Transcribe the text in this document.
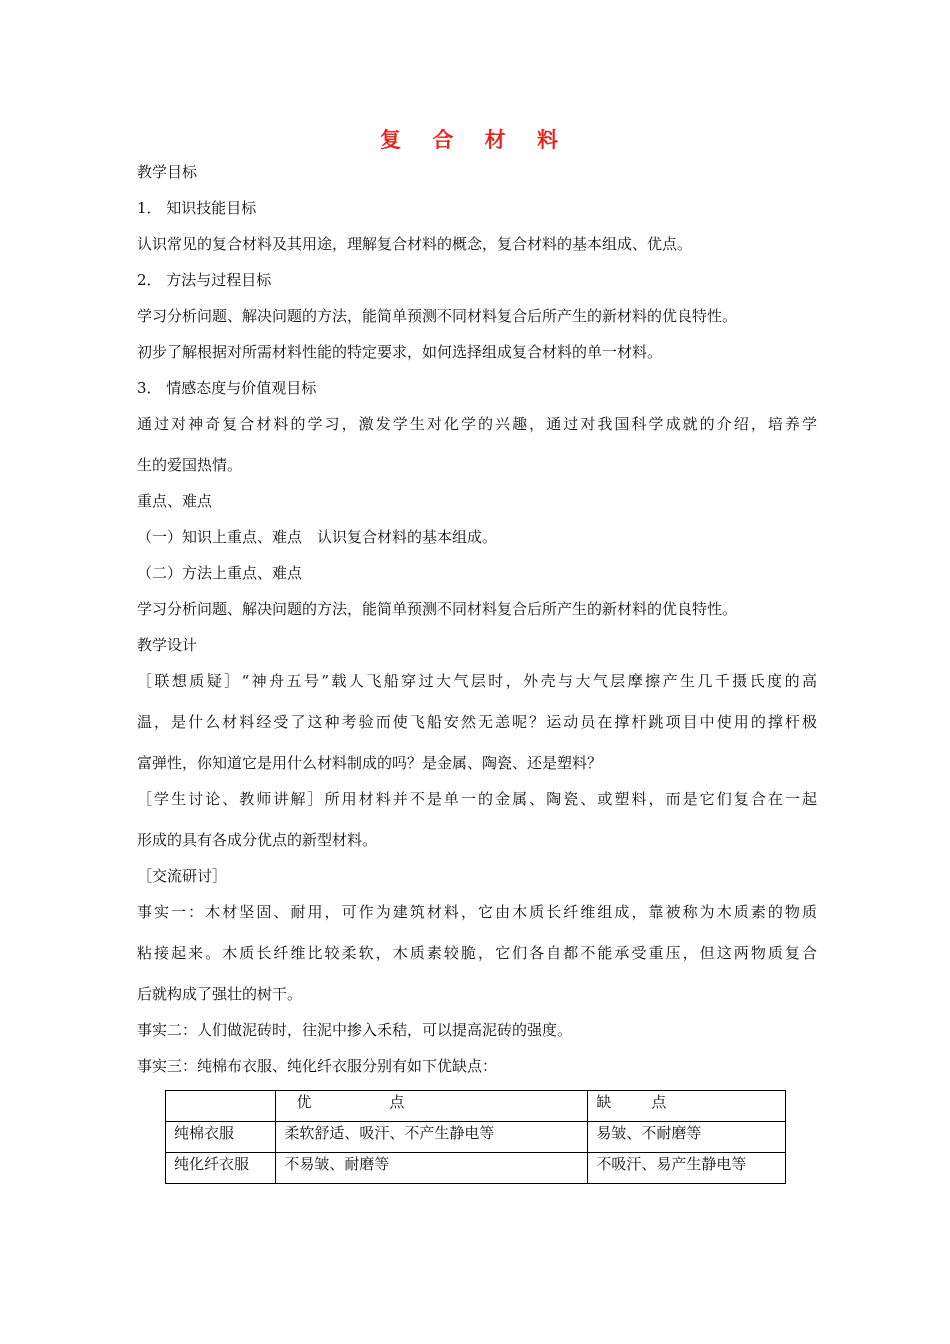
复 合 材 料
教学目标
1． 知识技能目标
认识常见的复合材料及其用途，理解复合材料的概念，复合材料的基本组成、优点。
2． 方法与过程目标
学习分析问题、解决问题的方法，能简单预测不同材料复合后所产生的新材料的优良特性。
初步了解根据对所需材料性能的特定要求，如何选择组成复合材料的单一材料。
3． 情感态度与价值观目标
通过对神奇复合材料的学习，激发学生对化学的兴趣，通过对我国科学成就的介绍，培养学
生的爱国热情。
重点、难点
（一）知识上重点、难点　认识复合材料的基本组成。
（二）方法上重点、难点
学习分析问题、解决问题的方法，能简单预测不同材料复合后所产生的新材料的优良特性。
教学设计
［联想质疑］“神舟五号”载人飞船穿过大气层时，外壳与大气层摩擦产生几千摄氏度的高
温，是什么材料经受了这种考验而使飞船安然无恙呢？运动员在撑杆跳项目中使用的撑杆极
富弹性，你知道它是用什么材料制成的吗？是金属、陶瓷、还是塑料？
［学生讨论、教师讲解］所用材料并不是单一的金属、陶瓷、或塑料，而是它们复合在一起
形成的具有各成分优点的新型材料。
［交流研讨］
事实一：木材坚固、耐用，可作为建筑材料，它由木质长纤维组成，靠被称为木质素的物质
粘接起来。木质长纤维比较柔软，木质素较脆，它们各自都不能承受重压，但这两物质复合
后就构成了强壮的树干。
事实二：人们做泥砖时，往泥中掺入禾秸，可以提高泥砖的强度。
事实三：纯棉布衣服、纯化纤衣服分别有如下优缺点：
	优 点	缺 点
纯棉衣服	柔软舒适、吸汗、不产生静电等	易皱、不耐磨等
纯化纤衣服	不易皱、耐磨等	不吸汗、易产生静电等
